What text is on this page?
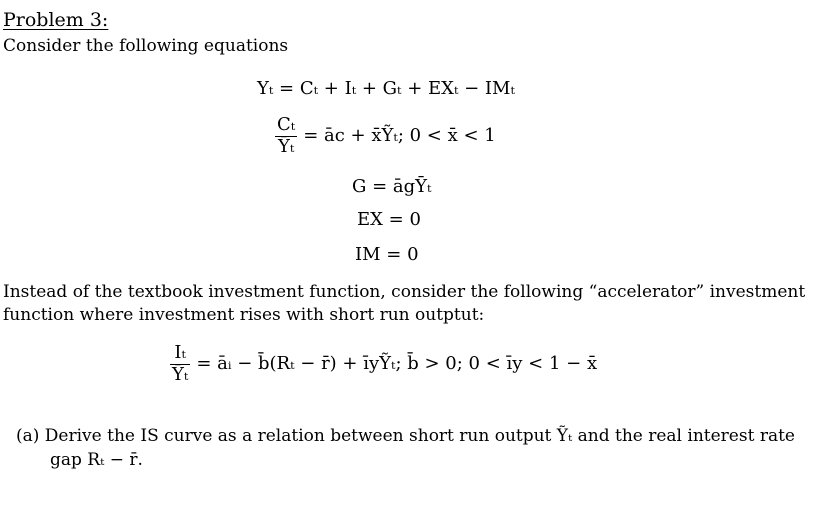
Problem 3:
Consider the following equations
Yₜ = Cₜ + Iₜ + Gₜ + EXₜ − IMₜ
$\frac{\text{Cₜ}}{\text{Ȳₜ}}$ = āc + x̄Ỹₜ; 0 < x̄ < 1
G = āgȲₜ
EX = 0
IM = 0
Instead of the textbook investment function, consider the following “accelerator” investment
function where investment rises with short run outptut:
$\frac{\text{Iₜ}}{\text{Ȳₜ}}$ = āᵢ − b̄(Rₜ − r̄) + īyỸₜ; b̄ > 0; 0 < īy < 1 − x̄
(a) Derive the IS curve as a relation between short run output Ỹₜ and the real interest rate
gap Rₜ − r̄.
